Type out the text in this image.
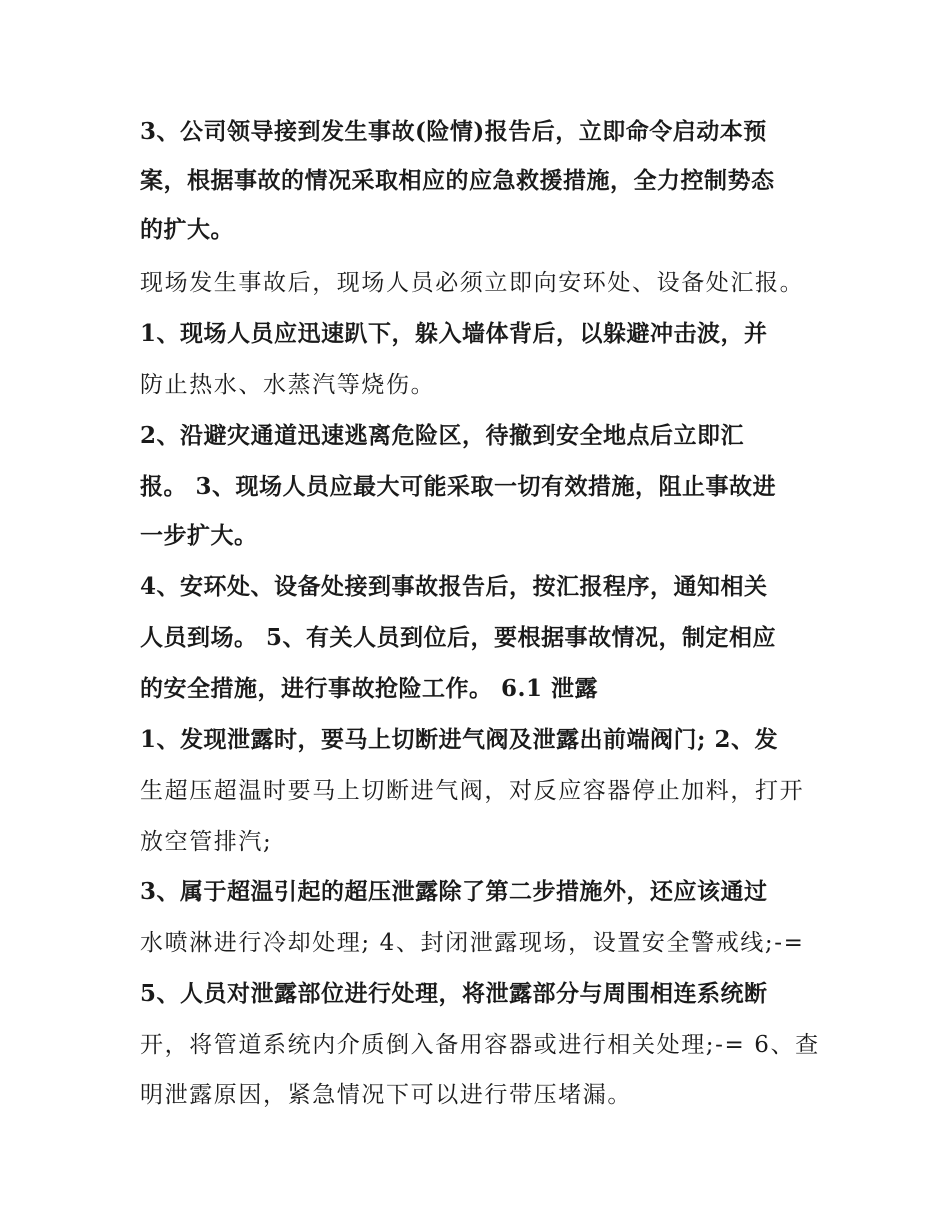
3、公司领导接到发生事故(险情)报告后，立即命令启动本预
案，根据事故的情况采取相应的应急救援措施，全力控制势态
的扩大。
现场发生事故后，现场人员必须立即向安环处、设备处汇报。
1、现场人员应迅速趴下，躲入墙体背后，以躲避冲击波，并
防止热水、水蒸汽等烧伤。
2、沿避灾通道迅速逃离危险区，待撤到安全地点后立即汇
报。 3、现场人员应最大可能采取一切有效措施，阻止事故进
一步扩大。
4、安环处、设备处接到事故报告后，按汇报程序，通知相关
人员到场。 5、有关人员到位后，要根据事故情况，制定相应
的安全措施，进行事故抢险工作。 6.1 泄露
1、发现泄露时，要马上切断进气阀及泄露出前端阀门; 2、发
生超压超温时要马上切断进气阀，对反应容器停止加料，打开
放空管排汽;
3、属于超温引起的超压泄露除了第二步措施外，还应该通过
水喷淋进行冷却处理; 4、封闭泄露现场，设置安全警戒线;-=
5、人员对泄露部位进行处理，将泄露部分与周围相连系统断
开，将管道系统内介质倒入备用容器或进行相关处理;-= 6、查
明泄露原因，紧急情况下可以进行带压堵漏。
